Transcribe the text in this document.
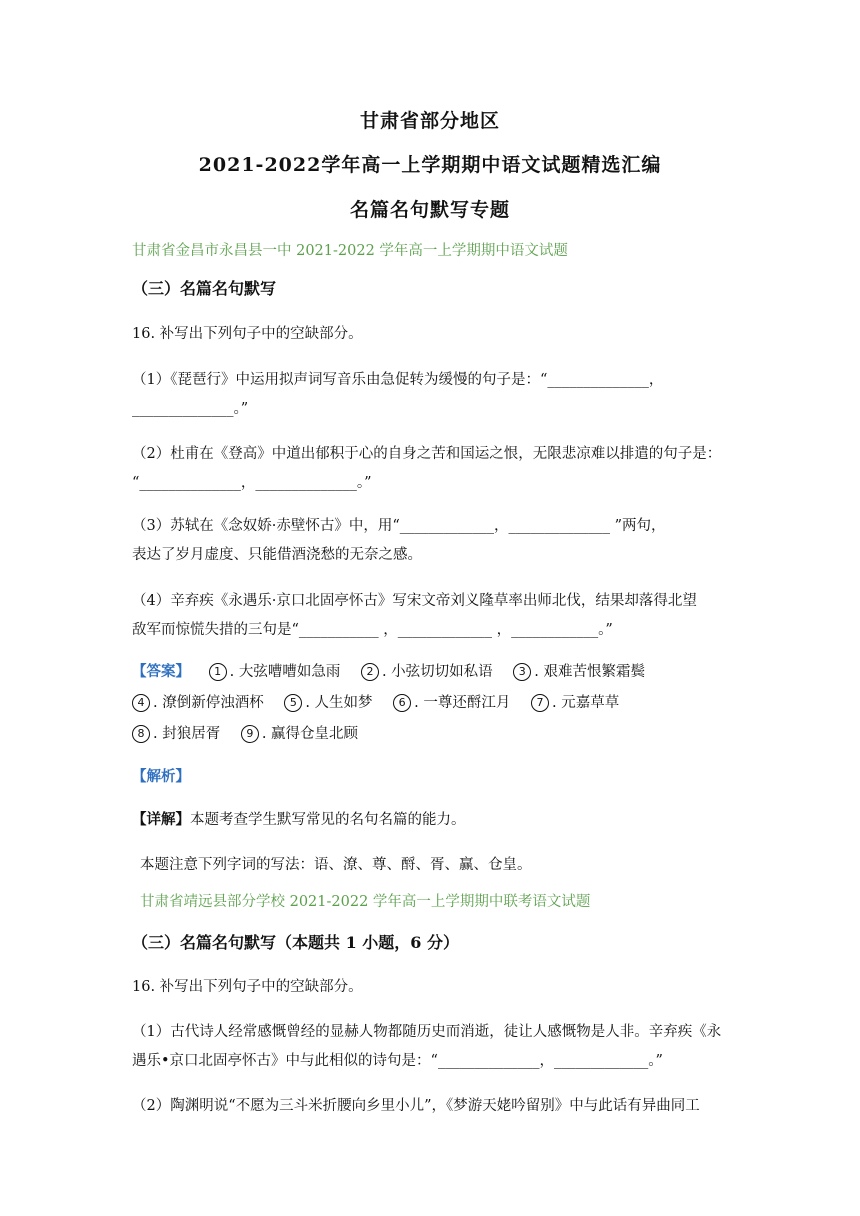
甘肃省部分地区
2021-2022学年高一上学期期中语文试题精选汇编
名篇名句默写专题
甘肃省金昌市永昌县一中 2021-2022 学年高一上学期期中语文试题
（三）名篇名句默写
16. 补写出下列句子中的空缺部分。
（1）《琵琶行》中运用拟声词写音乐由急促转为缓慢的句子是：“______________，
______________。”
（2）杜甫在《登高》中道出郁积于心的自身之苦和国运之恨，无限悲凉难以排遣的句子是：
“______________，______________。”
（3）苏轼在《念奴娇·赤壁怀古》中，用“_____________，______________ ”两句，
表达了岁月虚度、只能借酒浇愁的无奈之感。
（4）辛弃疾《永遇乐·京口北固亭怀古》写宋文帝刘义隆草率出师北伐，结果却落得北望
敌军而惊慌失措的三句是“___________ ，_____________ ，____________。”
【答案】 1 . 大弦嘈嘈如急雨 2 . 小弦切切如私语 3 . 艰难苦恨繁霜鬓 4 . 潦倒新停浊酒杯 5 . 人生如梦 6 . 一尊还酹江月 7 . 元嘉草草 8 . 封狼居胥 9 . 赢得仓皇北顾
【解析】
【详解】本题考查学生默写常见的名句名篇的能力。
本题注意下列字词的写法：语、潦、尊、酹、胥、赢、仓皇。
甘肃省靖远县部分学校 2021-2022 学年高一上学期期中联考语文试题
（三）名篇名句默写（本题共 1 小题，6 分）
16. 补写出下列句子中的空缺部分。
（1）古代诗人经常感慨曾经的显赫人物都随历史而消逝，徒让人感慨物是人非。辛弃疾《永
遇乐•京口北固亭怀古》中与此相似的诗句是：“______________，_____________。”
（2）陶渊明说“不愿为三斗米折腰向乡里小儿”，《梦游天姥吟留别》中与此话有异曲同工
